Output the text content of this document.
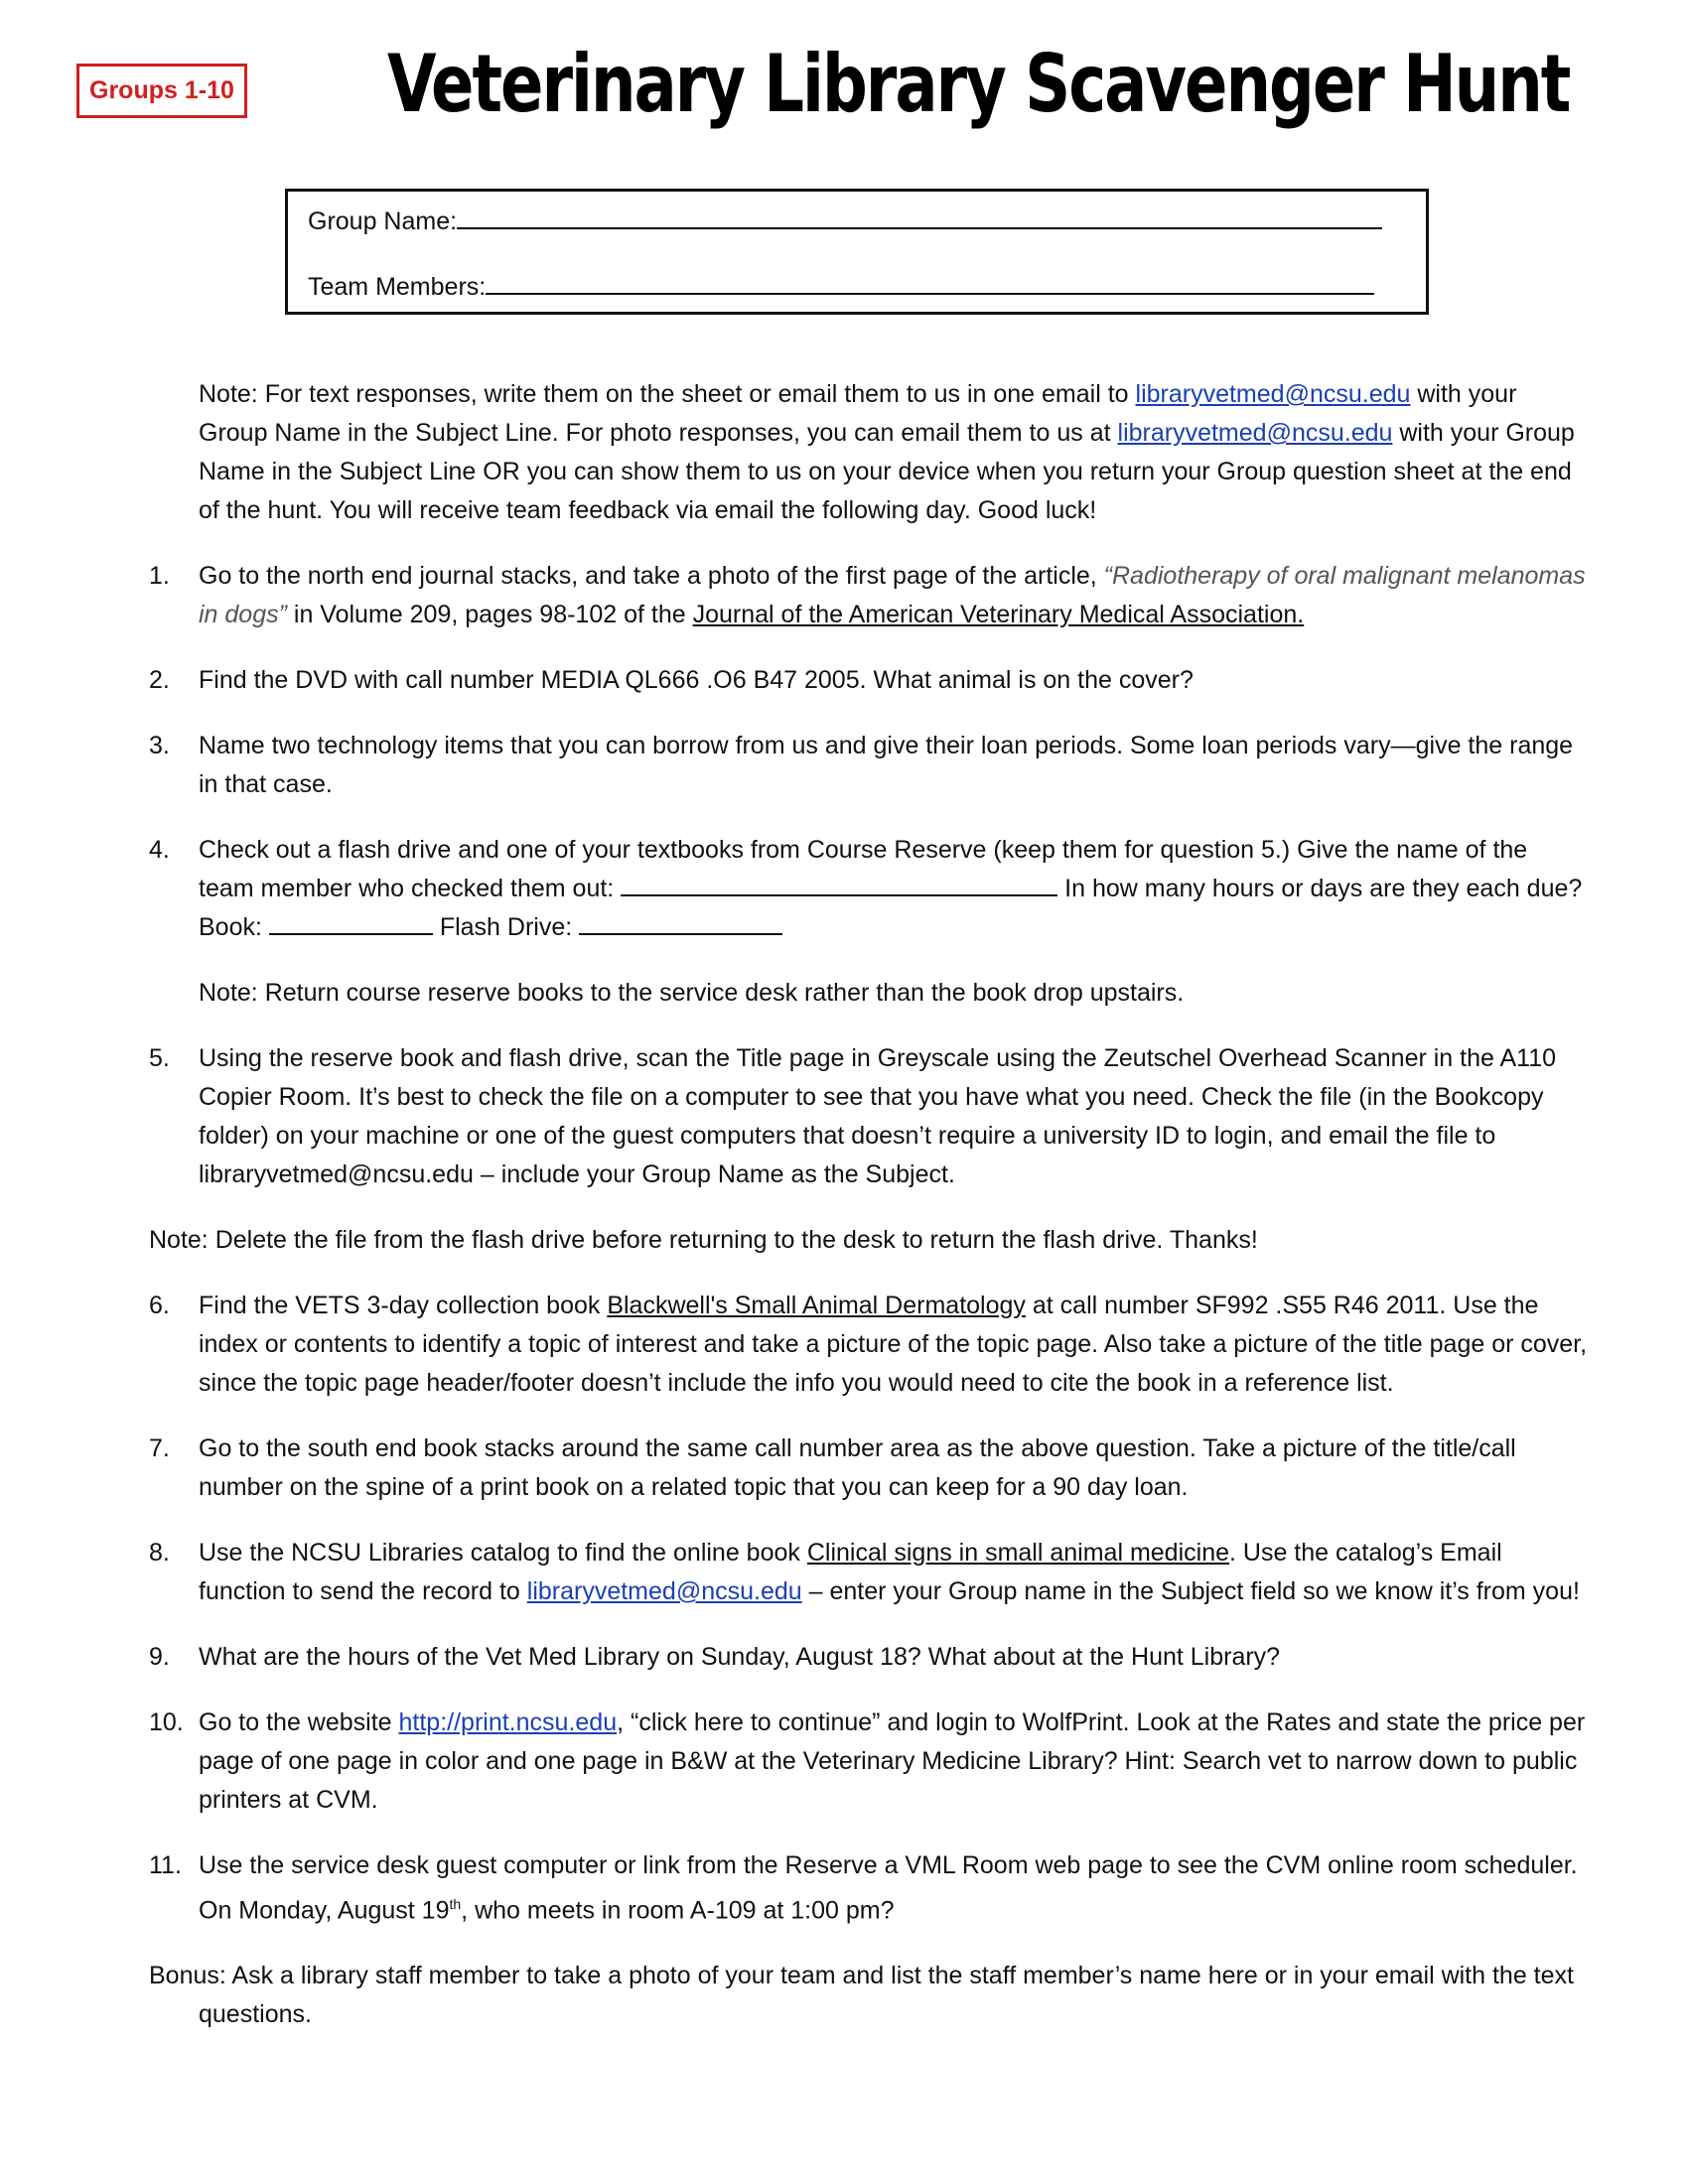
Groups 1-10 Veterinary Library Scavenger Hunt
Group Name:
Team Members:

Note: For text responses, write them on the sheet or email them to us in one email to libraryvetmed@ncsu.edu with your Group Name in the Subject Line. For photo responses, you can email them to us at libraryvetmed@ncsu.edu with your Group Name in the Subject Line OR you can show them to us on your device when you return your Group question sheet at the end of the hunt. You will receive team feedback via email the following day. Good luck!

1. Go to the north end journal stacks, and take a photo of the first page of the article, “Radiotherapy of oral malignant melanomas in dogs” in Volume 209, pages 98-102 of the Journal of the American Veterinary Medical Association.
2. Find the DVD with call number MEDIA QL666 .O6 B47 2005. What animal is on the cover?
3. Name two technology items that you can borrow from us and give their loan periods. Some loan periods vary—give the range in that case.
4. Check out a flash drive and one of your textbooks from Course Reserve (keep them for question 5.) Give the name of the team member who checked them out:	In how many hours or days are they each due? Book:	Flash Drive:

Note: Return course reserve books to the service desk rather than the book drop upstairs.

5. Using the reserve book and flash drive, scan the Title page in Greyscale using the Zeutschel Overhead Scanner in the A110 Copier Room. It’s best to check the file on a computer to see that you have what you need. Check the file (in the Bookcopy folder) on your machine or one of the guest computers that doesn’t require a university ID to login, and email the file to libraryvetmed@ncsu.edu – include your Group Name as the Subject.

Note: Delete the file from the flash drive before returning to the desk to return the flash drive. Thanks!

6. Find the VETS 3-day collection book Blackwell's Small Animal Dermatology at call number SF992 .S55 R46 2011. Use the index or contents to identify a topic of interest and take a picture of the topic page. Also take a picture of the title page or cover, since the topic page header/footer doesn’t include the info you would need to cite the book in a reference list.
7. Go to the south end book stacks around the same call number area as the above question. Take a picture of the title/call number on the spine of a print book on a related topic that you can keep for a 90 day loan.
8. Use the NCSU Libraries catalog to find the online book Clinical signs in small animal medicine. Use the catalog’s Email function to send the record to libraryvetmed@ncsu.edu – enter your Group name in the Subject field so we know it’s from you!
9. What are the hours of the Vet Med Library on Sunday, August 18? What about at the Hunt Library?
10. Go to the website http://print.ncsu.edu, “click here to continue” and login to WolfPrint. Look at the Rates and state the price per page of one page in color and one page in B&W at the Veterinary Medicine Library? Hint: Search vet to narrow down to public printers at CVM.
11. Use the service desk guest computer or link from the Reserve a VML Room web page to see the CVM online room scheduler. On Monday, August 19th, who meets in room A-109 at 1:00 pm?

Bonus: Ask a library staff member to take a photo of your team and list the staff member’s name here or in your email with the text questions.
